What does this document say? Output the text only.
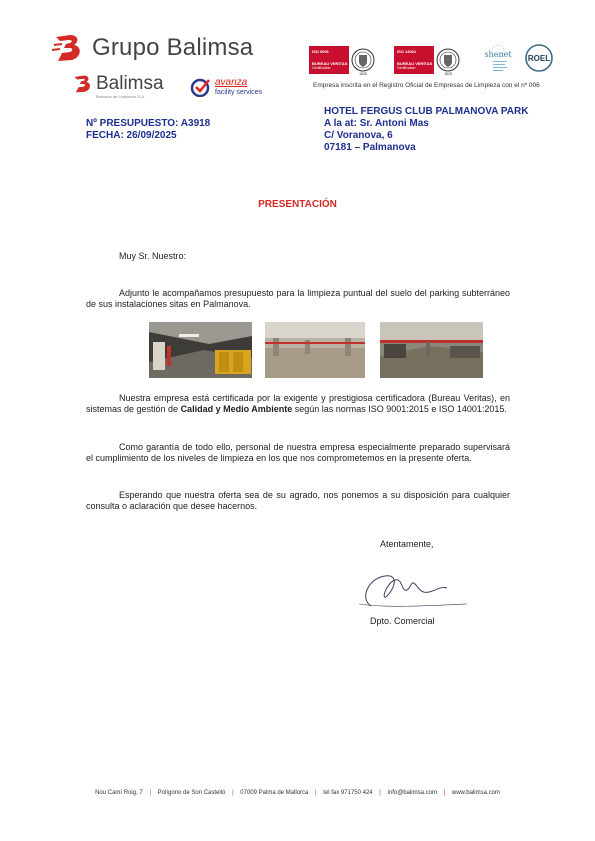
Grupo Balimsa
Balimsa
Baleares de Limpiezas S.A.
avanza
facility services
ISO 9001
BUREAU VERITAS
Certification
1828
ISO 14001
BUREAU VERITAS
Certification
1828
shenet ROEL
Empresa inscrita en el Registro Oficial de Empresas de Limpieza con el nº 006
Nº PRESUPUESTO: A3918
FECHA: 26/09/2025
HOTEL FERGUS CLUB PALMANOVA PARK
A la at: Sr. Antoni Mas
C/ Voranova, 6
07181 – Palmanova
PRESENTACIÓN
Muy Sr. Nuestro:
Adjunto le acompañamos presupuesto para la limpieza puntual del suelo del parking subterráneo de sus instalaciones sitas en Palmanova.
Nuestra empresa está certificada por la exigente y prestigiosa certificadora (Bureau Veritas), en sistemas de gestión de Calidad y Medio Ambiente según las normas ISO 9001:2015 e ISO 14001:2015.
Como garantía de todo ello, personal de nuestra empresa especialmente preparado supervisará el cumplimiento de los niveles de limpieza en los que nos comprometemos en la presente oferta.
Esperando que nuestra oferta sea de su agrado, nos ponemos a su disposición para cualquier consulta o aclaración que desee hacernos.
Atentamente,
Dpto. Comercial
Nou Camí Roig, 7 | Polígono de Son Castelló | 07009 Palma de Mallorca | tel fax 971750 424 | info@balimsa.com | www.balimsa.com
